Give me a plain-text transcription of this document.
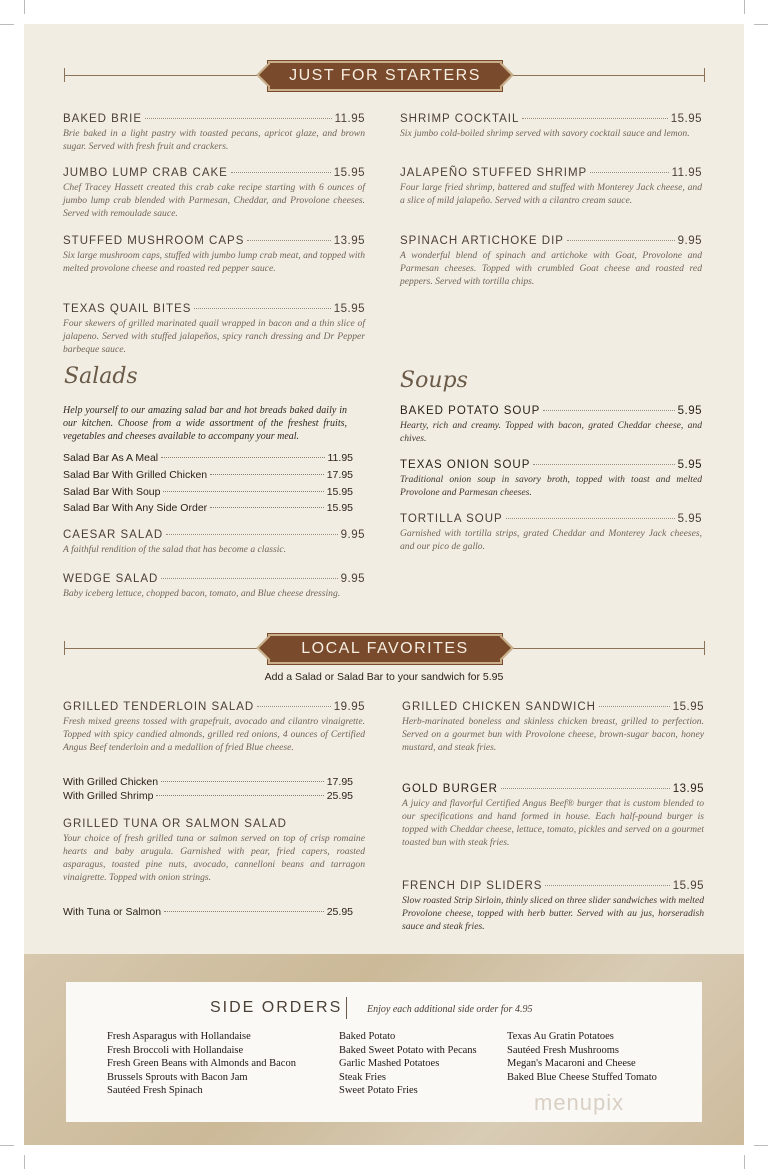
JUST FOR STARTERS
BAKED BRIE	11.95
Brie baked in a light pastry with toasted pecans, apricot glaze, and brown sugar. Served with fresh fruit and crackers.
JUMBO LUMP CRAB CAKE	15.95
Chef Tracey Hassett created this crab cake recipe starting with 6 ounces of jumbo lump crab blended with Parmesan, Cheddar, and Provolone cheeses. Served with remoulade sauce.
STUFFED MUSHROOM CAPS	13.95
Six large mushroom caps, stuffed with jumbo lump crab meat, and topped with melted provolone cheese and roasted red pepper sauce.
TEXAS QUAIL BITES	15.95
Four skewers of grilled marinated quail wrapped in bacon and a thin slice of jalapeno. Served with stuffed jalapeños, spicy ranch dressing and Dr Pepper barbeque sauce.
SHRIMP COCKTAIL	15.95
Six jumbo cold-boiled shrimp served with savory cocktail sauce and lemon.
JALAPEÑO STUFFED SHRIMP	11.95
Four large fried shrimp, battered and stuffed with Monterey Jack cheese, and a slice of mild jalapeño. Served with a cilantro cream sauce.
SPINACH ARTICHOKE DIP	9.95
A wonderful blend of spinach and artichoke with Goat, Provolone and Parmesan cheeses. Topped with crumbled Goat cheese and roasted red peppers. Served with tortilla chips.
Salads
Help yourself to our amazing salad bar and hot breads baked daily in our kitchen. Choose from a wide assortment of the freshest fruits, vegetables and cheeses available to accompany your meal.
Salad Bar As A Meal	11.95
Salad Bar With Grilled Chicken	17.95
Salad Bar With Soup	15.95
Salad Bar With Any Side Order	15.95
CAESAR SALAD	9.95
A faithful rendition of the salad that has become a classic.
WEDGE SALAD	9.95
Baby iceberg lettuce, chopped bacon, tomato, and Blue cheese dressing.
Soups
BAKED POTATO SOUP	5.95
Hearty, rich and creamy. Topped with bacon, grated Cheddar cheese, and chives.
TEXAS ONION SOUP	5.95
Traditional onion soup in savory broth, topped with toast and melted Provolone and Parmesan cheeses.
TORTILLA SOUP	5.95
Garnished with tortilla strips, grated Cheddar and Monterey Jack cheeses, and our pico de gallo.
LOCAL FAVORITES
Add a Salad or Salad Bar to your sandwich for 5.95
GRILLED TENDERLOIN SALAD	19.95
Fresh mixed greens tossed with grapefruit, avocado and cilantro vinaigrette. Topped with spicy candied almonds, grilled red onions, 4 ounces of Certified Angus Beef tenderloin and a medallion of fried Blue cheese.
With Grilled Chicken	17.95
With Grilled Shrimp	25.95
GRILLED TUNA OR SALMON SALAD
Your choice of fresh grilled tuna or salmon served on top of crisp romaine hearts and baby arugula. Garnished with pear, fried capers, roasted asparagus, toasted pine nuts, avocado, cannelloni beans and tarragon vinaigrette. Topped with onion strings.
With Tuna or Salmon	25.95
GRILLED CHICKEN SANDWICH	15.95
Herb-marinated boneless and skinless chicken breast, grilled to perfection. Served on a gourmet bun with Provolone cheese, brown-sugar bacon, honey mustard, and steak fries.
GOLD BURGER	13.95
A juicy and flavorful Certified Angus Beef® burger that is custom blended to our specifications and hand formed in house. Each half-pound burger is topped with Cheddar cheese, lettuce, tomato, pickles and served on a gourmet toasted bun with steak fries.
FRENCH DIP SLIDERS	15.95
Slow roasted Strip Sirloin, thinly sliced on three slider sandwiches with melted Provolone cheese, topped with herb butter. Served with au jus, horseradish sauce and steak fries.
SIDE ORDERS Enjoy each additional side order for 4.95
Fresh Asparagus with Hollandaise
Fresh Broccoli with Hollandaise
Fresh Green Beans with Almonds and Bacon
Brussels Sprouts with Bacon Jam
Sautéed Fresh Spinach
Baked Potato
Baked Sweet Potato with Pecans
Garlic Mashed Potatoes
Steak Fries
Sweet Potato Fries
Texas Au Gratin Potatoes
Sautéed Fresh Mushrooms
Megan's Macaroni and Cheese
Baked Blue Cheese Stuffed Tomato
menupix
